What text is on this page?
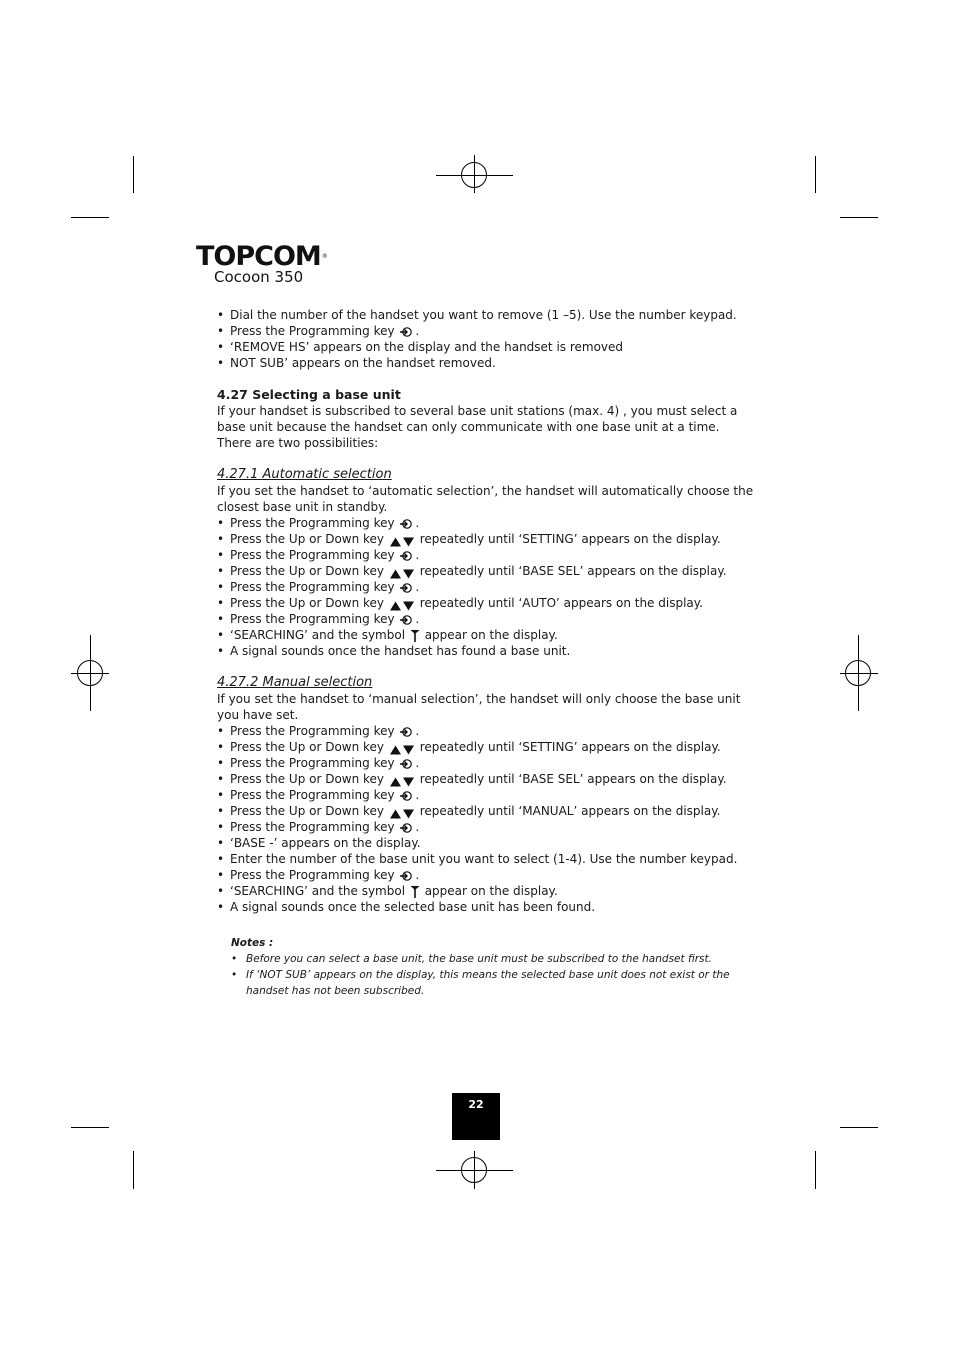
TOPCOM®
Cocoon 350
• Dial the number of the handset you want to remove (1 –5). Use the number keypad.
• Press the Programming key .
• ‘REMOVE HS’ appears on the display and the handset is removed
• NOT SUB’ appears on the handset removed.
4.27 Selecting a base unit

If your handset is subscribed to several base unit stations (max. 4) , you must select a base unit because the handset can only communicate with one base unit at a time. There are two possibilities:

4.27.1 Automatic selection

If you set the handset to ‘automatic selection’, the handset will automatically choose the closest base unit in standby.

• Press the Programming key .
• Press the Up or Down key	repeatedly until ‘SETTING’ appears on the display.
• Press the Programming key .
• Press the Up or Down key	repeatedly until ‘BASE SEL’ appears on the display.
• Press the Programming key .
• Press the Up or Down key	repeatedly until ‘AUTO’ appears on the display.
• Press the Programming key .
• ‘SEARCHING’ and the symbol appear on the display.
• A signal sounds once the handset has found a base unit.
4.27.2 Manual selection

If you set the handset to ‘manual selection’, the handset will only choose the base unit you have set.

• Press the Programming key .
• Press the Up or Down key	repeatedly until ‘SETTING’ appears on the display.
• Press the Programming key .
• Press the Up or Down key	repeatedly until ‘BASE SEL’ appears on the display.
• Press the Programming key .
• Press the Up or Down key	repeatedly until ‘MANUAL’ appears on the display.
• Press the Programming key .
• ‘BASE -’ appears on the display.
• Enter the number of the base unit you want to select (1-4). Use the number keypad.
• Press the Programming key .
• ‘SEARCHING’ and the symbol appear on the display.
• A signal sounds once the selected base unit has been found.
Notes :
• Before you can select a base unit, the base unit must be subscribed to the handset first.
• If ‘NOT SUB’ appears on the display, this means the selected base unit does not exist or the handset has not been subscribed.
22
